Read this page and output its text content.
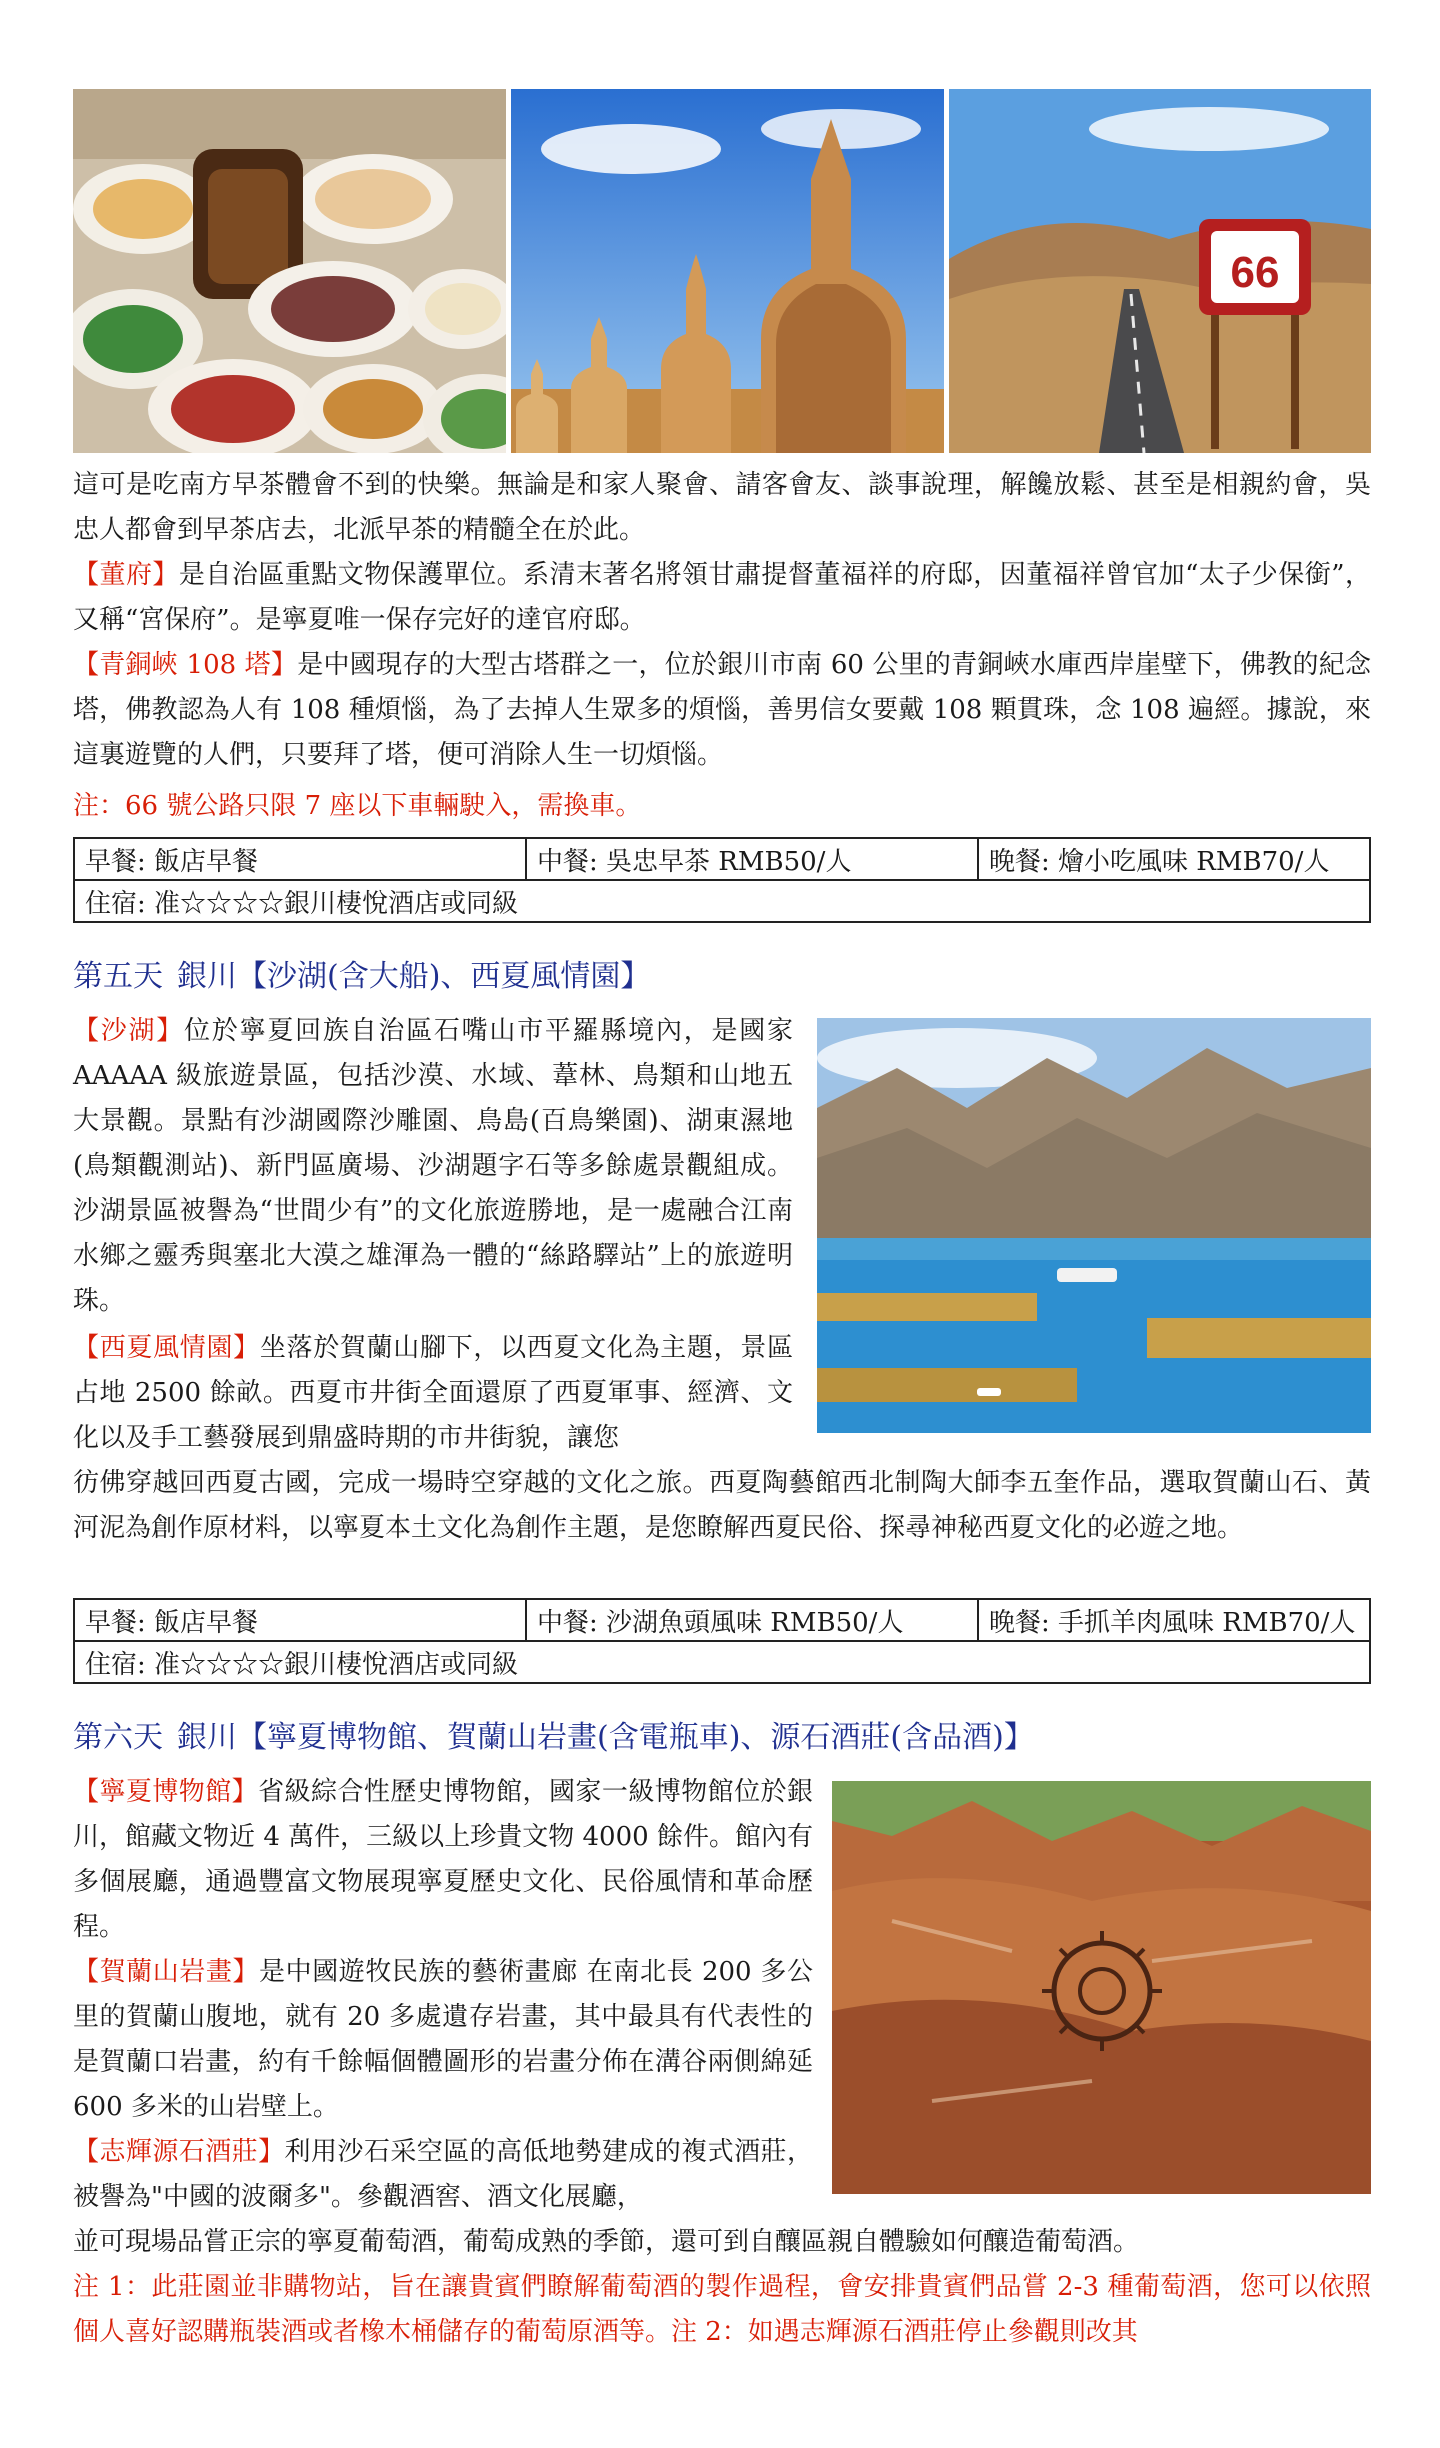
66
這可是吃南方早茶體會不到的快樂。無論是和家人聚會、請客會友、談事說理，解饞放鬆、甚至是相親約會，吳忠人都會到早茶店去，北派早茶的精髓全在於此。
【董府】是自治區重點文物保護單位。系清末著名將領甘肅提督董福祥的府邸，因董福祥曾官加“太子少保銜”，又稱“宮保府”。是寧夏唯一保存完好的達官府邸。
【青銅峽 108 塔】是中國現存的大型古塔群之一，位於銀川市南 60 公里的青銅峽水庫西岸崖壁下，佛教的紀念塔，佛教認為人有 108 種煩惱，為了去掉人生眾多的煩惱，善男信女要戴 108 顆貫珠，念 108 遍經。據說，來這裏遊覽的人們，只要拜了塔，便可消除人生一切煩惱。
注：66 號公路只限 7 座以下車輛駛入，需換車。
早餐: 飯店早餐	中餐: 吳忠早茶 RMB50/人	晚餐: 燴小吃風味 RMB70/人
住宿: 准☆☆☆☆銀川棲悅酒店或同級
第五天 銀川【沙湖(含大船)、西夏風情園】
【沙湖】位於寧夏回族自治區石嘴山市平羅縣境內，是國家 AAAAA 級旅遊景區，包括沙漠、水域、葦林、鳥類和山地五大景觀。景點有沙湖國際沙雕園、鳥島(百鳥樂園)、湖東濕地(鳥類觀測站)、新門區廣場、沙湖題字石等多餘處景觀組成。沙湖景區被譽為“世間少有”的文化旅遊勝地，是一處融合江南水鄉之靈秀與塞北大漠之雄渾為一體的“絲路驛站”上的旅遊明珠。
【西夏風情園】坐落於賀蘭山腳下，以西夏文化為主題，景區占地 2500 餘畝。西夏市井街全面還原了西夏軍事、經濟、文化以及手工藝發展到鼎盛時期的市井街貌，讓您
彷佛穿越回西夏古國，完成一場時空穿越的文化之旅。西夏陶藝館西北制陶大師李五奎作品，選取賀蘭山石、黃河泥為創作原材料，以寧夏本土文化為創作主題，是您瞭解西夏民俗、探尋神秘西夏文化的必遊之地。
早餐: 飯店早餐	中餐: 沙湖魚頭風味 RMB50/人	晚餐: 手抓羊肉風味 RMB70/人
住宿: 准☆☆☆☆銀川棲悅酒店或同級
第六天 銀川【寧夏博物館、賀蘭山岩畫(含電瓶車)、源石酒莊(含品酒)】
【寧夏博物館】省級綜合性歷史博物館，國家一級博物館位於銀川，館藏文物近 4 萬件，三級以上珍貴文物 4000 餘件。館內有多個展廳，通過豐富文物展現寧夏歷史文化、民俗風情和革命歷程。
【賀蘭山岩畫】是中國遊牧民族的藝術畫廊 在南北長 200 多公里的賀蘭山腹地，就有 20 多處遺存岩畫，其中最具有代表性的是賀蘭口岩畫，約有千餘幅個體圖形的岩畫分佈在溝谷兩側綿延 600 多米的山岩壁上。
【志輝源石酒莊】利用沙石采空區的高低地勢建成的複式酒莊，被譽為"中國的波爾多"。參觀酒窖、酒文化展廳，
並可現場品嘗正宗的寧夏葡萄酒，葡萄成熟的季節，還可到自釀區親自體驗如何釀造葡萄酒。
注 1：此莊園並非購物站，旨在讓貴賓們瞭解葡萄酒的製作過程，會安排貴賓們品嘗 2-3 種葡萄酒，您可以依照個人喜好認購瓶裝酒或者橡木桶儲存的葡萄原酒等。注 2：如遇志輝源石酒莊停止參觀則改其
